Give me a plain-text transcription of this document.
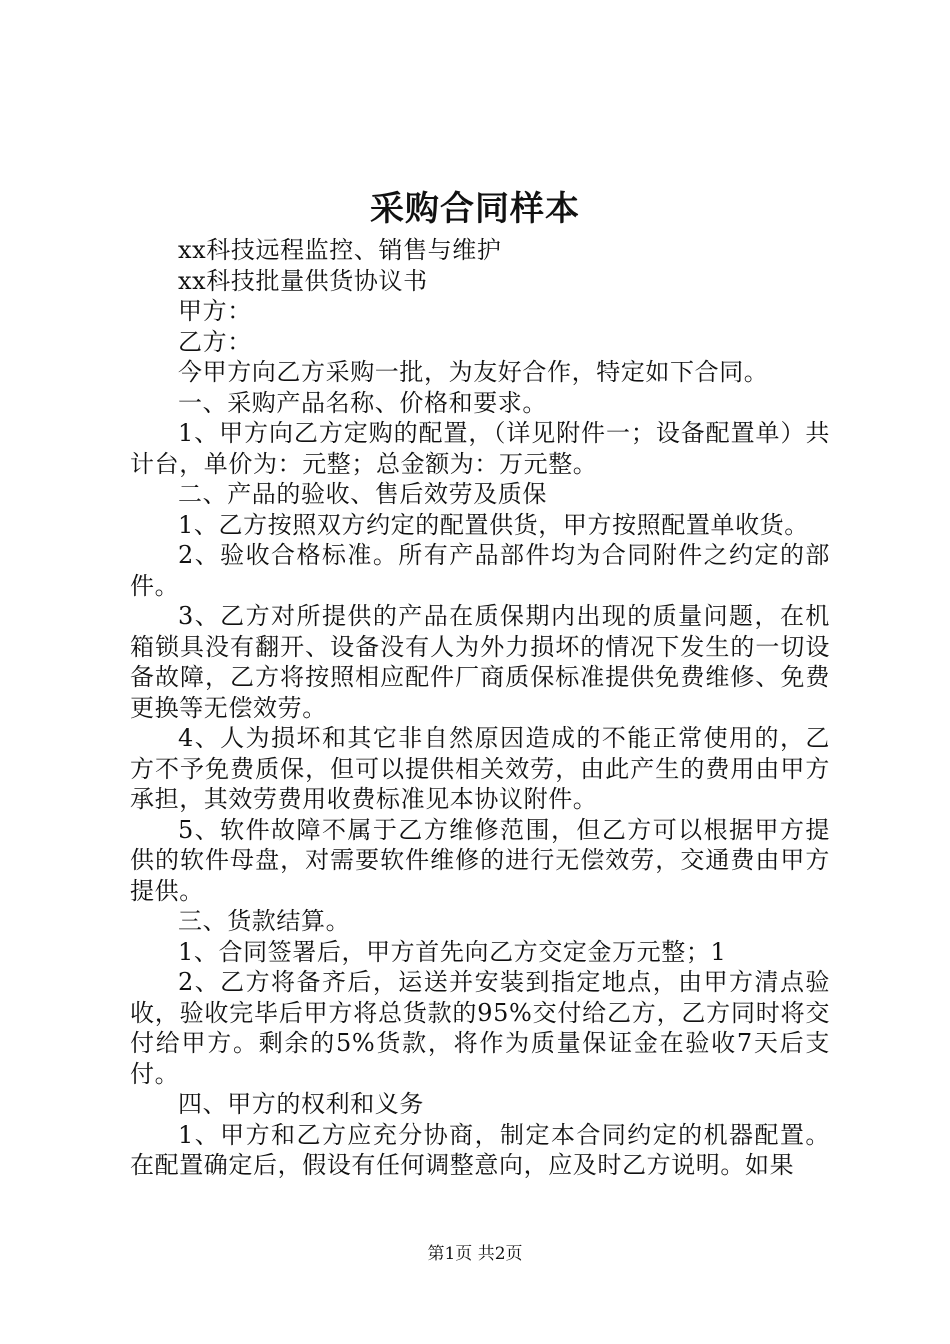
采购合同样本

xx科技远程监控、销售与维护

xx科技批量供货协议书

甲方：

乙方：

今甲方向乙方采购一批，为友好合作，特定如下合同。

一、采购产品名称、价格和要求。

1、甲方向乙方定购的配置，（详见附件一；设备配置单）共计台，单价为：元整；总金额为：万元整。

二、产品的验收、售后效劳及质保

1、乙方按照双方约定的配置供货，甲方按照配置单收货。

2、验收合格标准。所有产品部件均为合同附件之约定的部件。

3、乙方对所提供的产品在质保期内出现的质量问题，在机箱锁具没有翻开、设备没有人为外力损坏的情况下发生的一切设备故障，乙方将按照相应配件厂商质保标准提供免费维修、免费更换等无偿效劳。

4、人为损坏和其它非自然原因造成的不能正常使用的，乙方不予免费质保，但可以提供相关效劳，由此产生的费用由甲方承担，其效劳费用收费标准见本协议附件。

5、软件故障不属于乙方维修范围，但乙方可以根据甲方提供的软件母盘，对需要软件维修的进行无偿效劳，交通费由甲方提供。

三、货款结算。

1、合同签署后，甲方首先向乙方交定金万元整；1

2、乙方将备齐后，运送并安装到指定地点，由甲方清点验收，验收完毕后甲方将总货款的95%交付给乙方，乙方同时将交付给甲方。剩余的5%货款，将作为质量保证金在验收7天后支付。

四、甲方的权利和义务

1、甲方和乙方应充分协商，制定本合同约定的机器配置。在配置确定后，假设有任何调整意向，应及时乙方说明。如果

第1页 共2页
